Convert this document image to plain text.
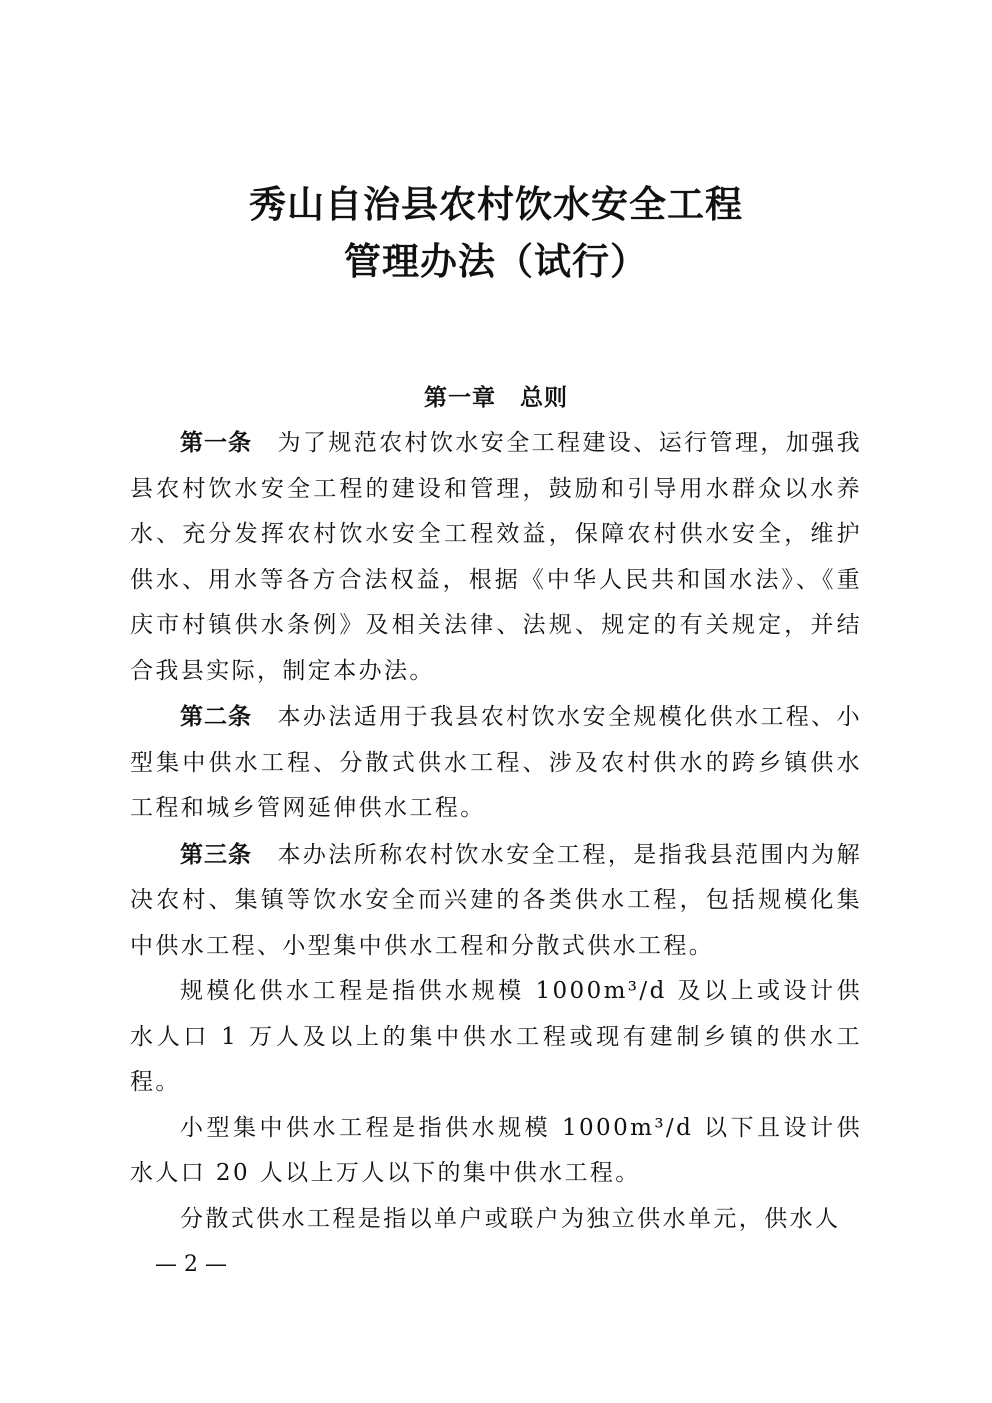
秀山自治县农村饮水安全工程
管理办法（试行）
第一章　总则

第一条　 为了规范农村饮水安全工程建设、运行管理，加强我县农村饮水安全工程的建设和管理，鼓励和引导用水群众以水养水、充分发挥农村饮水安全工程效益，保障农村供水安全，维护供水、用水等各方合法权益，根据《中华人民共和国水法》、《重庆市村镇供水条例》及相关法律、法规、规定的有关规定，并结合我县实际，制定本办法。

第二条　 本办法适用于我县农村饮水安全规模化供水工程、小型集中供水工程、分散式供水工程、涉及农村供水的跨乡镇供水工程和城乡管网延伸供水工程。

第三条　 本办法所称农村饮水安全工程，是指我县范围内为解决农村、集镇等饮水安全而兴建的各类供水工程，包括规模化集中供水工程、小型集中供水工程和分散式供水工程。

规模化供水工程是指供水规模 1000m³/d 及以上或设计供水人口 1 万人及以上的集中供水工程或现有建制乡镇的供水工程。

小型集中供水工程是指供水规模 1000m³/d 以下且设计供水人口 20 人以上万人以下的集中供水工程。

分散式供水工程是指以单户或联户为独立供水单元，供水人

— 2 —
